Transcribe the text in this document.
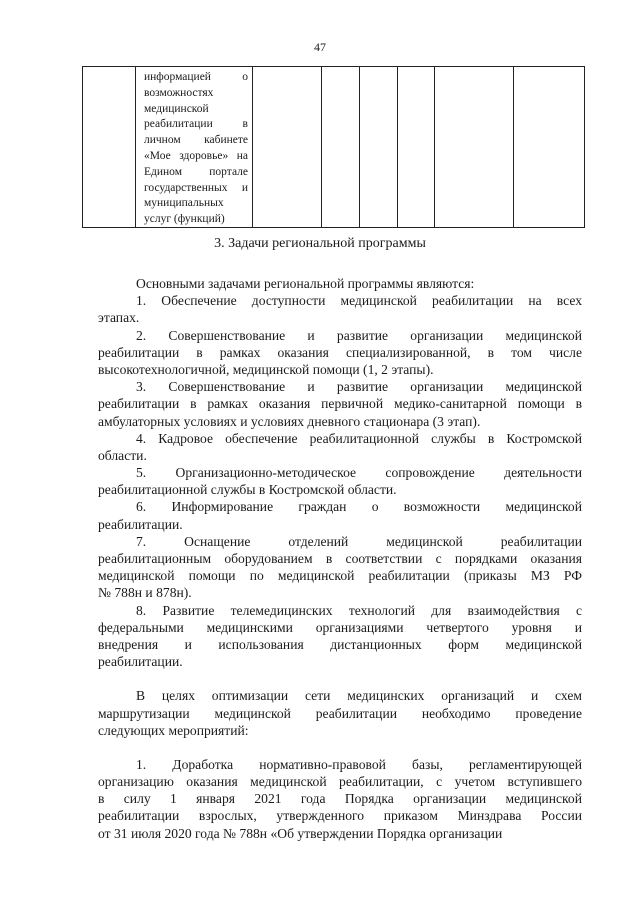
47

информацией о
возможностях
медицинской
реабилитации в
личном кабинете
«Мое здоровье» на
Едином портале
государственных и
муниципальных
услуг (функций)

3. Задачи региональной программы
Основными задачами региональной программы являются:
1. Обеспечение доступности медицинской реабилитации на всех
этапах.
2. Совершенствование и развитие организации медицинской
реабилитации в рамках оказания специализированной, в том числе
высокотехнологичной, медицинской помощи (1, 2 этапы).
3. Совершенствование и развитие организации медицинской
реабилитации в рамках оказания первичной медико-санитарной помощи в
амбулаторных условиях и условиях дневного стационара (3 этап).
4. Кадровое обеспечение реабилитационной службы в Костромской
области.
5. Организационно-методическое сопровождение деятельности
реабилитационной службы в Костромской области.
6. Информирование граждан о возможности медицинской
реабилитации.
7. Оснащение отделений медицинской реабилитации
реабилитационным оборудованием в соответствии с порядками оказания
медицинской помощи по медицинской реабилитации (приказы МЗ РФ
№ 788н и 878н).
8. Развитие телемедицинских технологий для взаимодействия с
федеральными медицинскими организациями четвертого уровня и
внедрения и использования дистанционных форм медицинской
реабилитации.
В целях оптимизации сети медицинских организаций и схем
маршрутизации медицинской реабилитации необходимо проведение
следующих мероприятий:
1. Доработка нормативно-правовой базы, регламентирующей
организацию оказания медицинской реабилитации, с учетом вступившего
в силу 1 января 2021 года Порядка организации медицинской
реабилитации взрослых, утвержденного приказом Минздрава России
от 31 июля 2020 года № 788н «Об утверждении Порядка организации
